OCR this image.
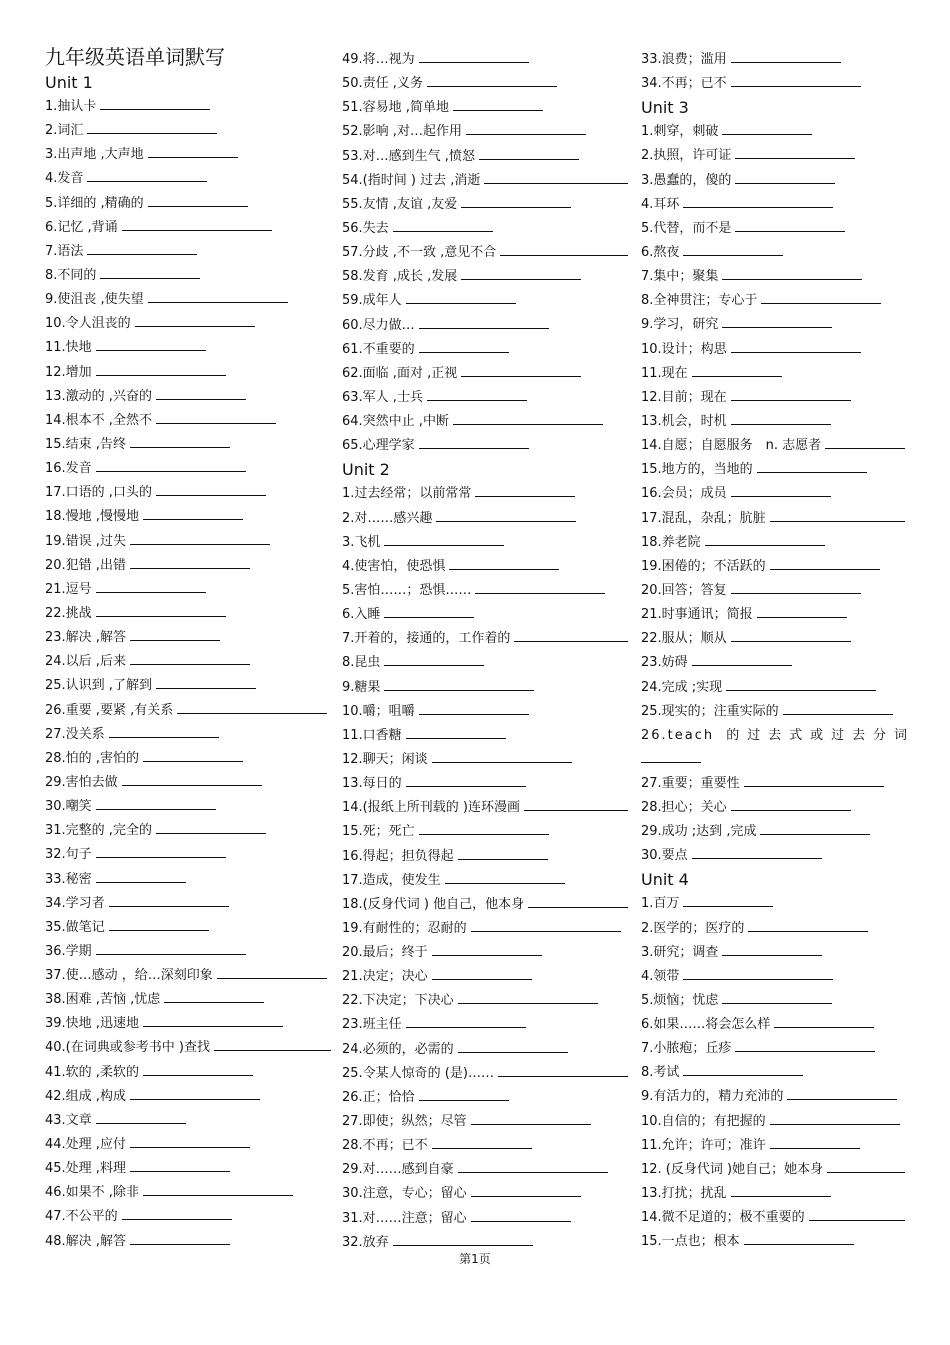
九年级英语单词默写
Unit 1
1.抽认卡
2.词汇
3.出声地 ,大声地
4.发音
5.详细的 ,精确的
6.记忆 ,背诵
7.语法
8.不同的
9.使沮丧 ,使失望
10.令人沮丧的
11.快地
12.增加
13.激动的 ,兴奋的
14.根本不 ,全然不
15.结束 ,告终
16.发音
17.口语的 ,口头的
18.慢地 ,慢慢地
19.错误 ,过失
20.犯错 ,出错
21.逗号
22.挑战
23.解决 ,解答
24.以后 ,后来
25.认识到 ,了解到
26.重要 ,要紧 ,有关系
27.没关系
28.怕的 ,害怕的
29.害怕去做
30.嘲笑
31.完整的 ,完全的
32.句子
33.秘密
34.学习者
35.做笔记
36.学期
37.使…感动 ，给…深刻印象
38.困难 ,苦恼 ,忧虑
39.快地 ,迅速地
40.(在词典或参考书中 )查找
41.软的 ,柔软的
42.组成 ,构成
43.文章
44.处理 ,应付
45.处理 ,料理
46.如果不 ,除非
47.不公平的
48.解决 ,解答
49.将…视为
50.责任 ,义务
51.容易地 ,简单地
52.影响 ,对…起作用
53.对…感到生气 ,愤怒
54.(指时间 ) 过去 ,消逝
55.友情 ,友谊 ,友爱
56.失去
57.分歧 ,不一致 ,意见不合
58.发育 ,成长 ,发展
59.成年人
60.尽力做…
61.不重要的
62.面临 ,面对 ,正视
63.军人 ,士兵
64.突然中止 ,中断
65.心理学家
Unit 2
1.过去经常；以前常常
2.对……感兴趣
3.飞机
4.使害怕，使恐惧
5.害怕……；恐惧……
6.入睡
7.开着的，接通的，工作着的
8.昆虫
9.糖果
10.嚼；咀嚼
11.口香糖
12.聊天；闲谈
13.每日的
14.(报纸上所刊载的 )连环漫画
15.死；死亡
16.得起；担负得起
17.造成，使发生
18.(反身代词 ) 他自己，他本身
19.有耐性的；忍耐的
20.最后；终于
21.决定；决心
22.下决定；下决心
23.班主任
24.必须的，必需的
25.令某人惊奇的 (是)……
26.正；恰恰
27.即使；纵然；尽管
28.不再；已不
29.对……感到自豪
30.注意，专心；留心
31.对……注意；留心
32.放弃
33.浪费；滥用
34.不再；已不
Unit 3
1.刺穿，刺破
2.执照，许可证
3.愚蠢的，傻的
4.耳环
5.代替，而不是
6.熬夜
7.集中；聚集
8.全神贯注；专心于
9.学习，研究
10.设计；构思
11.现在
12.目前；现在
13.机会，时机
14.自愿；自愿服务　n. 志愿者
15.地方的，当地的
16.会员；成员
17.混乱，杂乱；肮脏
18.养老院
19.困倦的；不活跃的
20.回答；答复
21.时事通讯；简报
22.服从；顺从
23.妨碍
24.完成 ;实现
25.现实的；注重实际的
26.teach 的过去式或过去分词
27.重要；重要性
28.担心；关心
29.成功 ;达到 ,完成
30.要点
Unit 4
1.百万
2.医学的；医疗的
3.研究；调查
4.领带
5.烦恼；忧虑
6.如果……将会怎么样
7.小脓疱；丘疹
8.考试
9.有活力的，精力充沛的
10.自信的；有把握的
11.允许；许可；准许
12. (反身代词 )她自己；她本身
13.打扰；扰乱
14.微不足道的；极不重要的
15.一点也；根本
第1页
